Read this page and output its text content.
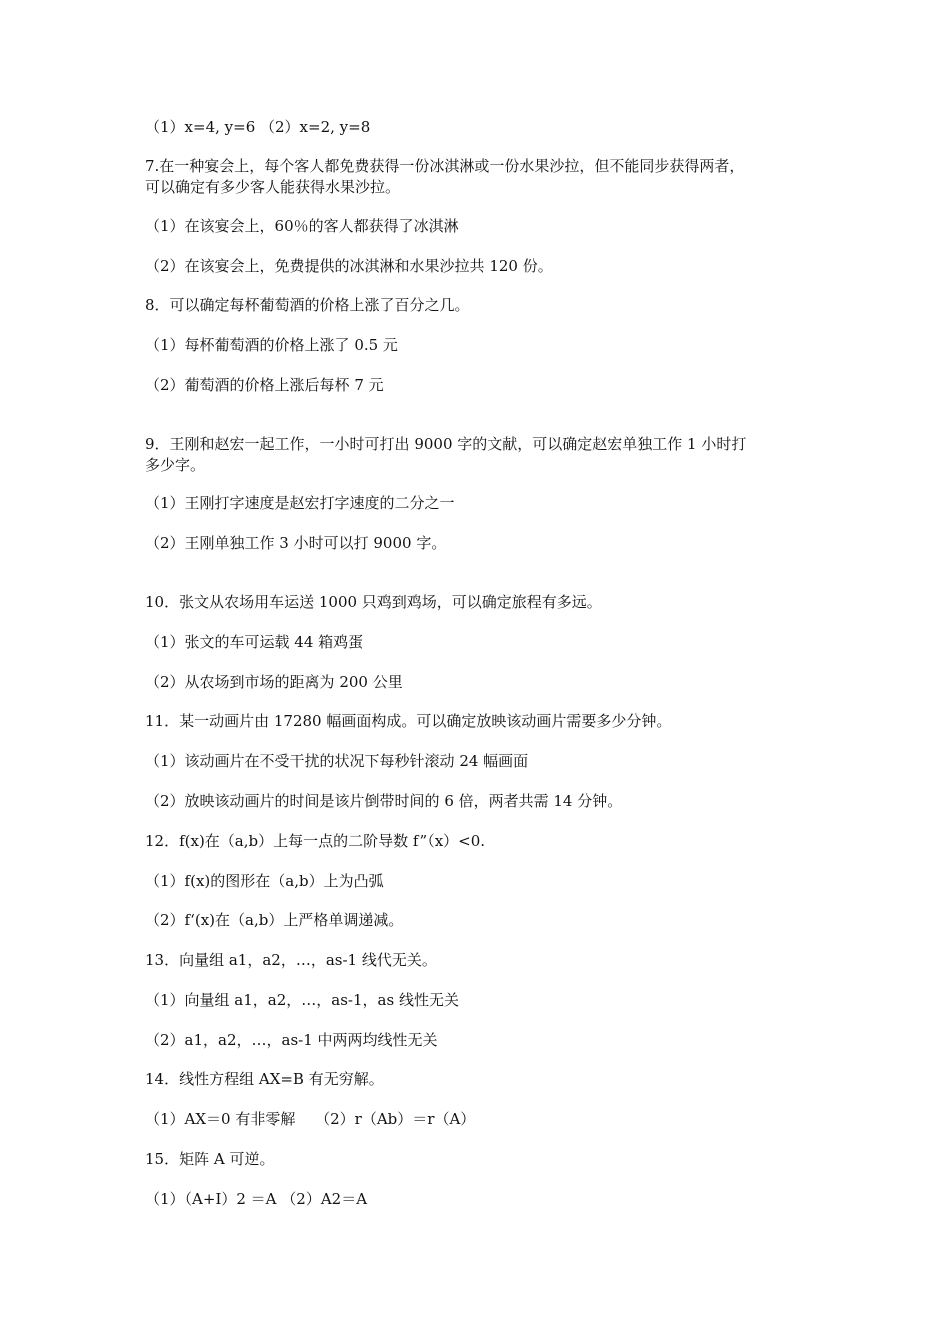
（1）x=4, y=6 （2）x=2, y=8
7.在一种宴会上，每个客人都免费获得一份冰淇淋或一份水果沙拉，但不能同步获得两者，
可以确定有多少客人能获得水果沙拉。
（1）在该宴会上，60％的客人都获得了冰淇淋
（2）在该宴会上，免费提供的冰淇淋和水果沙拉共 120 份。
8．可以确定每杯葡萄酒的价格上涨了百分之几。
（1）每杯葡萄酒的价格上涨了 0.5 元
（2）葡萄酒的价格上涨后每杯 7 元
9．王刚和赵宏一起工作，一小时可打出 9000 字的文献，可以确定赵宏单独工作 1 小时打
多少字。
（1）王刚打字速度是赵宏打字速度的二分之一
（2）王刚单独工作 3 小时可以打 9000 字。
10．张文从农场用车运送 1000 只鸡到鸡场，可以确定旅程有多远。
（1）张文的车可运载 44 箱鸡蛋
（2）从农场到市场的距离为 200 公里
11．某一动画片由 17280 幅画面构成。可以确定放映该动画片需要多少分钟。
（1）该动画片在不受干扰的状况下每秒针滚动 24 幅画面
（2）放映该动画片的时间是该片倒带时间的 6 倍，两者共需 14 分钟。
12．f(x)在（a,b）上每一点的二阶导数 f”（x）<0.
（1）f(x)的图形在（a,b）上为凸弧
（2）f‘(x)在（a,b）上严格单调递减。
13．向量组 a1，a2，…，as-1 线代无关。
（1）向量组 a1，a2，…，as-1，as 线性无关
（2）a1，a2，…，as-1 中两两均线性无关
14．线性方程组 AX=B 有无穷解。
（1）AX＝0 有非零解　 （2）r（Ab）＝r（A）
15．矩阵 A 可逆。
（1）（A+I）2 ＝A （2）A2＝A
